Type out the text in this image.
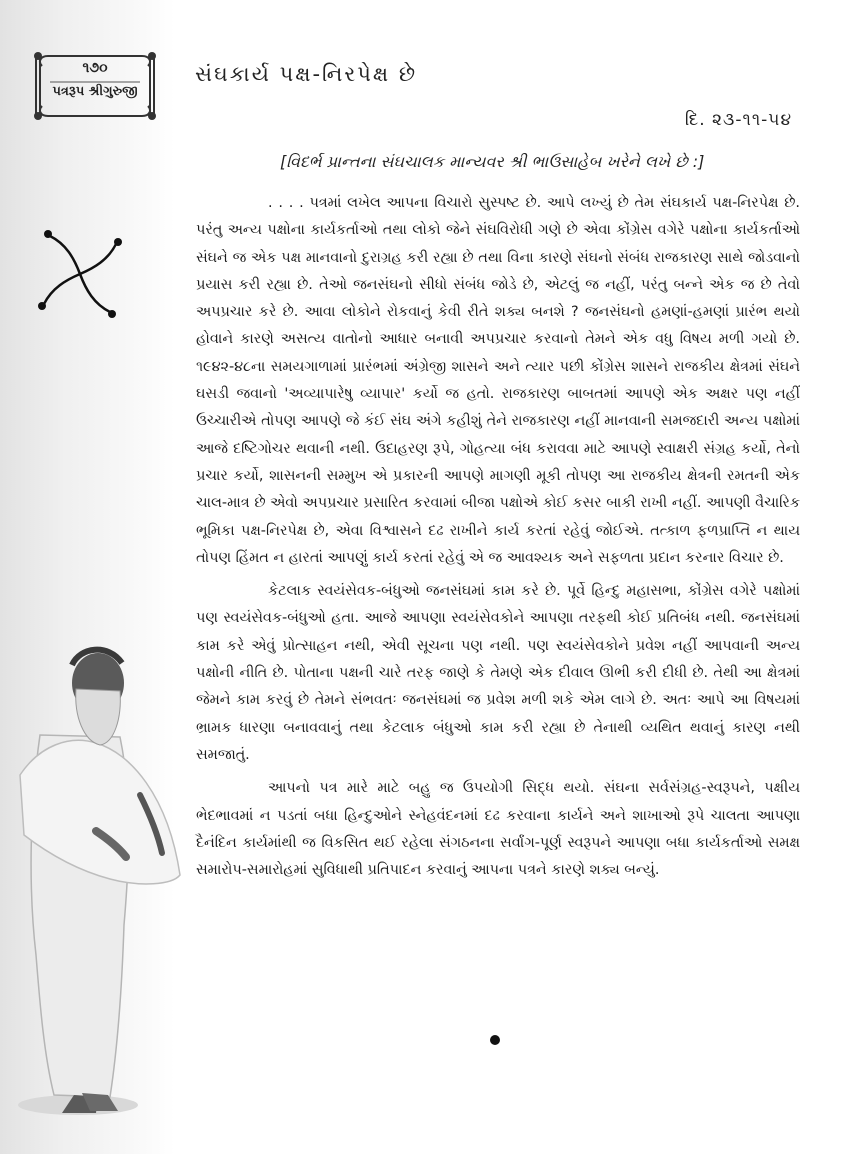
૧૭૦
પત્રરૂપ શ્રીગુરુજી
સંઘકાર્ય પક્ષ-નિરપેક્ષ છે
દિ. ૨૩-૧૧-૫૪
[વિદર્ભ પ્રાન્તના સંઘચાલક માન્યવર શ્રી ભાઉસાહેબ ખરેને લખે છે :]

. . . . પત્રમાં લખેલ આપના વિચારો સુસ્પષ્ટ છે. આપે લખ્યું છે તેમ સંઘકાર્ય પક્ષ-નિરપેક્ષ છે. પરંતુ અન્ય પક્ષોના કાર્યકર્તાઓ તથા લોકો જેને સંઘવિરોધી ગણે છે એવા કોંગ્રેસ વગેરે પક્ષોના કાર્યકર્તાઓ સંઘને જ એક પક્ષ માનવાનો દુરાગ્રહ કરી રહ્યા છે તથા વિના કારણે સંઘનો સંબંધ રાજકારણ સાથે જોડવાનો પ્રયાસ કરી રહ્યા છે. તેઓ જનસંઘનો સીધો સંબંધ જોડે છે, એટલું જ નહીં, પરંતુ બન્ને એક જ છે તેવો અપપ્રચાર કરે છે. આવા લોકોને રોકવાનું કેવી રીતે શક્ય બનશે ? જનસંઘનો હમણાં-હમણાં પ્રારંભ થયો હોવાને કારણે અસત્ય વાતોનો આધાર બનાવી અપપ્રચાર કરવાનો તેમને એક વધુ વિષય મળી ગયો છે. ૧૯૪૨-૪૮ના સમયગાળામાં પ્રારંભમાં અંગ્રેજી શાસને અને ત્યાર પછી કોંગ્રેસ શાસને રાજકીય ક્ષેત્રમાં સંઘને ઘસડી જવાનો 'અવ્યાપારેષુ વ્યાપાર' કર્યો જ હતો. રાજકારણ બાબતમાં આપણે એક અક્ષર પણ નહીં ઉચ્ચારીએ તોપણ આપણે જે કંઈ સંઘ અંગે કહીશું તેને રાજકારણ નહીં માનવાની સમજદારી અન્ય પક્ષોમાં આજે દષ્ટિગોચર થવાની નથી. ઉદાહરણ રૂપે, ગોહત્યા બંધ કરાવવા માટે આપણે સ્વાક્ષરી સંગ્રહ કર્યો, તેનો પ્રચાર કર્યો, શાસનની સમ્મુખ એ પ્રકારની આપણે માગણી મૂકી તોપણ આ રાજકીય ક્ષેત્રની રમતની એક ચાલ-માત્ર છે એવો અપપ્રચાર પ્રસારિત કરવામાં બીજા પક્ષોએ કોઈ કસર બાકી રાખી નહીં. આપણી વૈચારિક ભૂમિકા પક્ષ-નિરપેક્ષ છે, એવા વિશ્વાસને દઢ રાખીને કાર્ય કરતાં રહેવું જોઈએ. તત્કાળ ફળપ્રાપ્તિ ન થાય તોપણ હિંમત ન હારતાં આપણું કાર્ય કરતાં રહેવું એ જ આવશ્યક અને સફળતા પ્રદાન કરનાર વિચાર છે.

કેટલાક સ્વયંસેવક-બંધુઓ જનસંઘમાં કામ કરે છે. પૂર્વે હિન્દુ મહાસભા, કોંગ્રેસ વગેરે પક્ષોમાં પણ સ્વયંસેવક-બંધુઓ હતા. આજે આપણા સ્વયંસેવકોને આપણા તરફથી કોઈ પ્રતિબંધ નથી. જનસંઘમાં કામ કરે એવું પ્રોત્સાહન નથી, એવી સૂચના પણ નથી. પણ સ્વયંસેવકોને પ્રવેશ નહીં આપવાની અન્ય પક્ષોની નીતિ છે. પોતાના પક્ષની ચારે તરફ જાણે કે તેમણે એક દીવાલ ઊભી કરી દીધી છે. તેથી આ ક્ષેત્રમાં જેમને કામ કરવું છે તેમને સંભવતઃ જનસંઘમાં જ પ્રવેશ મળી શકે એમ લાગે છે. અતઃ આપે આ વિષયમાં ભ્રામક ધારણા બનાવવાનું તથા કેટલાક બંધુઓ કામ કરી રહ્યા છે તેનાથી વ્યથિત થવાનું કારણ નથી સમજાતું.

આપનો પત્ર મારે માટે બહુ જ ઉપયોગી સિદ્ધ થયો. સંઘના સર્વસંગ્રહ-સ્વરૂપને, પક્ષીય ભેદભાવમાં ન પડતાં બધા હિન્દુઓને સ્નેહવંદનમાં દઢ કરવાના કાર્યને અને શાખાઓ રૂપે ચાલતા આપણા દૈનંદિન કાર્યમાંથી જ વિકસિત થઈ રહેલા સંગઠનના સર્વાંગ-પૂર્ણ સ્વરૂપને આપણા બધા કાર્યકર્તાઓ સમક્ષ સમારોપ-સમારોહમાં સુવિધાથી પ્રતિપાદન કરવાનું આપના પત્રને કારણે શક્ય બન્યું.
